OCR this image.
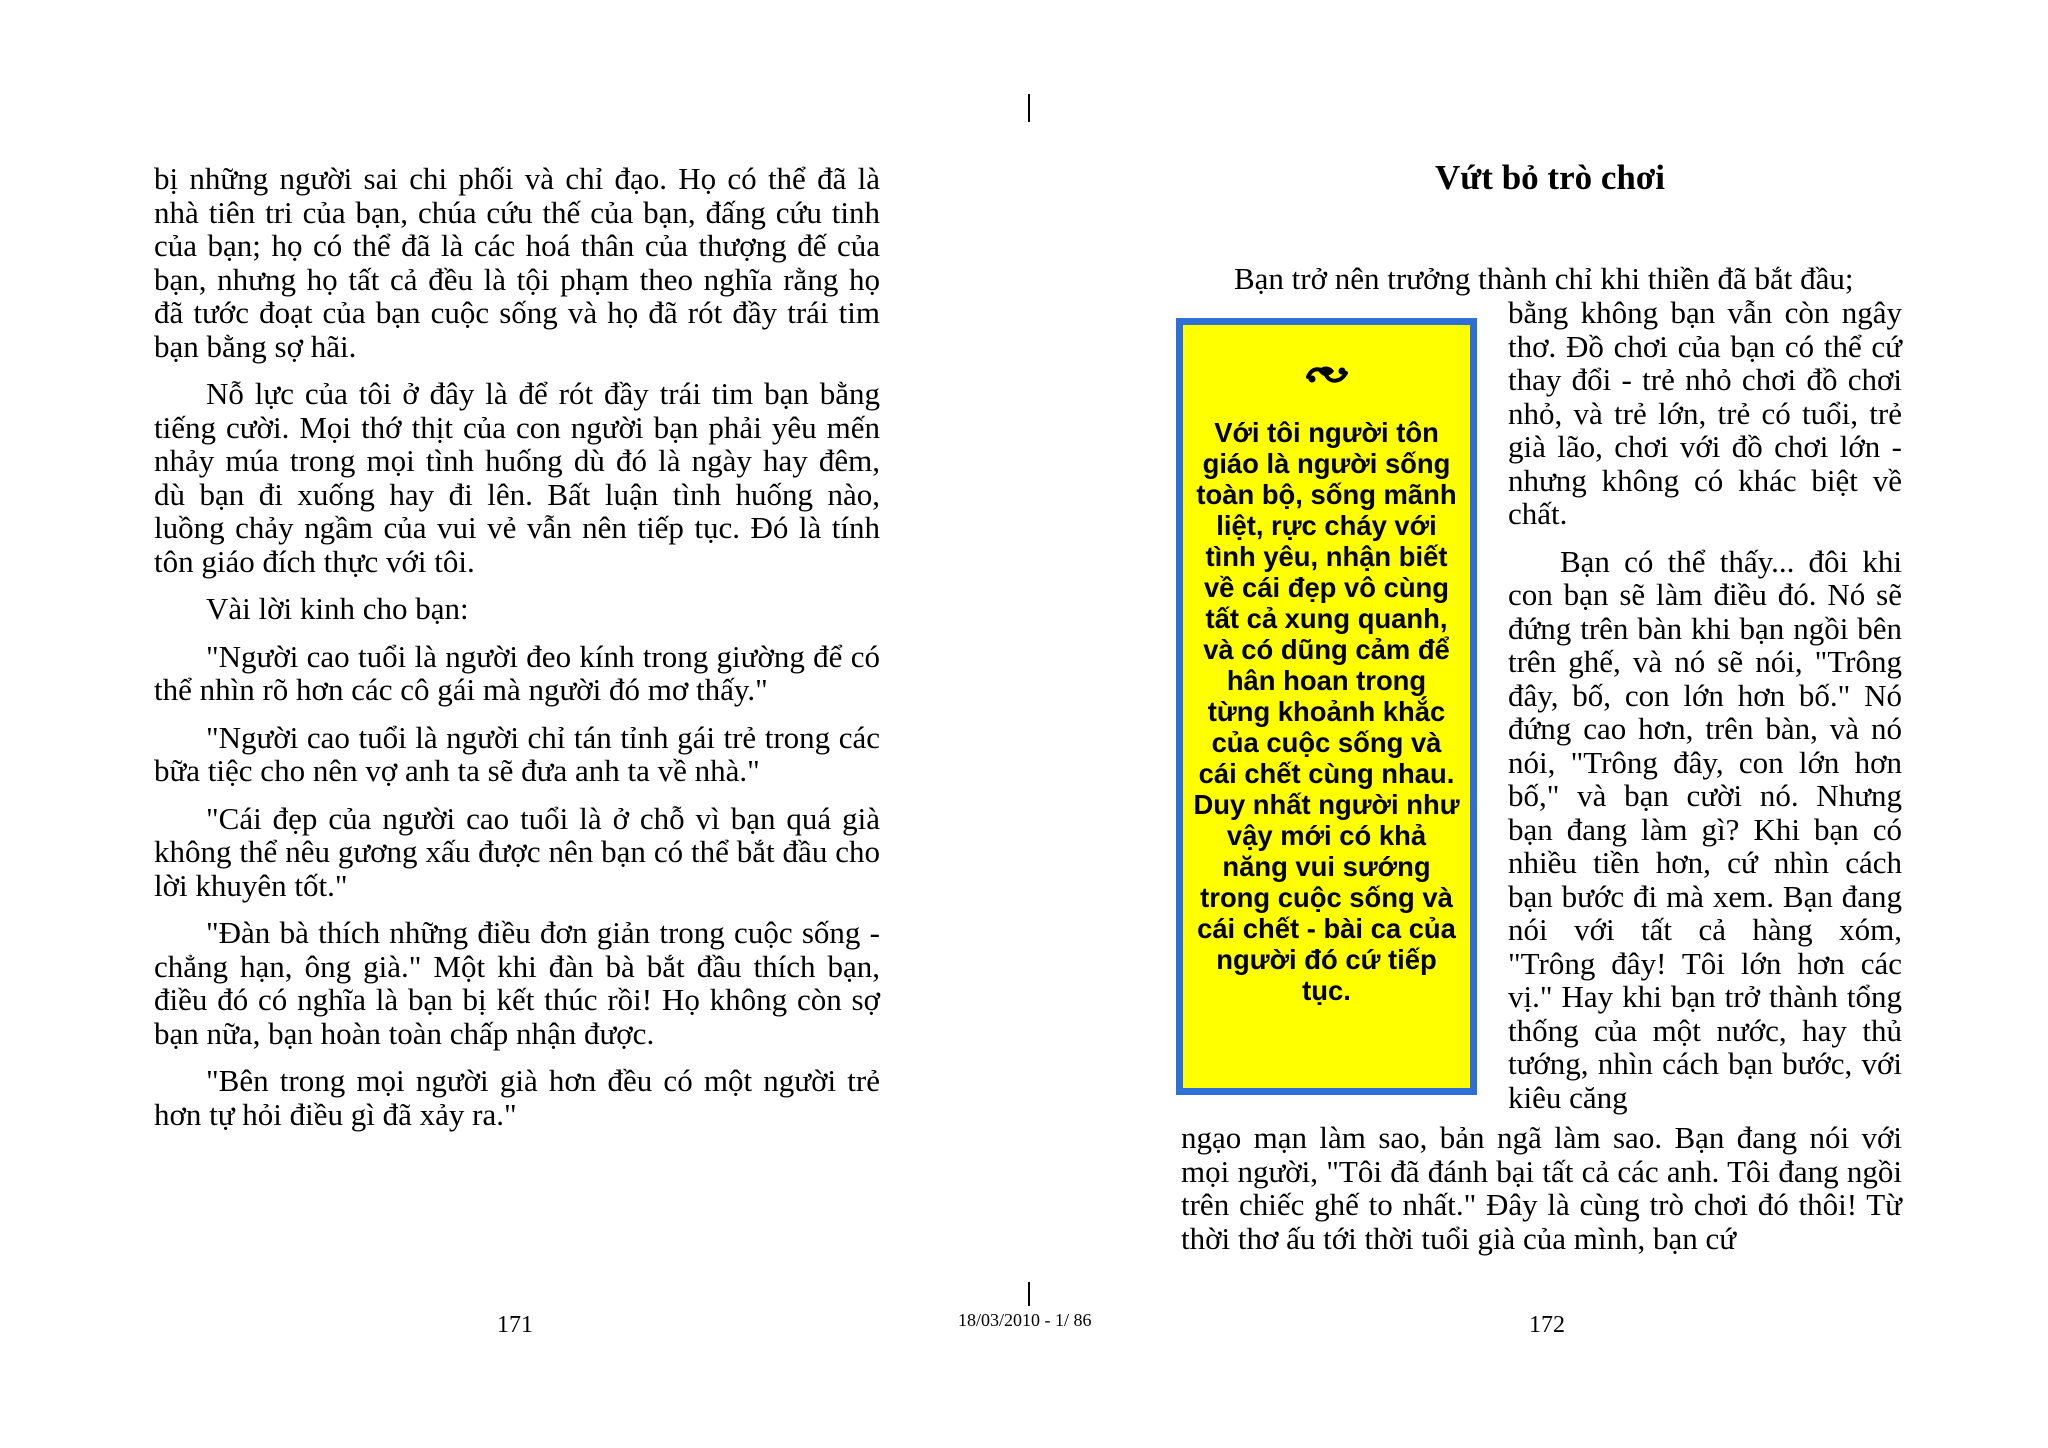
bị những người sai chi phối và chỉ đạo. Họ có thể đã là nhà tiên tri của bạn, chúa cứu thế của bạn, đấng cứu tinh của bạn; họ có thể đã là các hoá thân của thượng đế của bạn, nhưng họ tất cả đều là tội phạm theo nghĩa rằng họ đã tước đoạt của bạn cuộc sống và họ đã rót đầy trái tim bạn bằng sợ hãi.

Nỗ lực của tôi ở đây là để rót đầy trái tim bạn bằng tiếng cười. Mọi thớ thịt của con người bạn phải yêu mến nhảy múa trong mọi tình huống dù đó là ngày hay đêm, dù bạn đi xuống hay đi lên. Bất luận tình huống nào, luồng chảy ngầm của vui vẻ vẫn nên tiếp tục. Đó là tính tôn giáo đích thực với tôi.

Vài lời kinh cho bạn:

"Người cao tuổi là người đeo kính trong giường để có thể nhìn rõ hơn các cô gái mà người đó mơ thấy."

"Người cao tuổi là người chỉ tán tỉnh gái trẻ trong các bữa tiệc cho nên vợ anh ta sẽ đưa anh ta về nhà."

"Cái đẹp của người cao tuổi là ở chỗ vì bạn quá già không thể nêu gương xấu được nên bạn có thể bắt đầu cho lời khuyên tốt."

"Đàn bà thích những điều đơn giản trong cuộc sống - chẳng hạn, ông già." Một khi đàn bà bắt đầu thích bạn, điều đó có nghĩa là bạn bị kết thúc rồi! Họ không còn sợ bạn nữa, bạn hoàn toàn chấp nhận được.

"Bên trong mọi người già hơn đều có một người trẻ hơn tự hỏi điều gì đã xảy ra."

171

Vứt bỏ trò chơi

Bạn trở nên trưởng thành chỉ khi thiền đã bắt đầu;

Với tôi người tôn giáo là người sống toàn bộ, sống mãnh liệt, rực cháy với tình yêu, nhận biết về cái đẹp vô cùng tất cả xung quanh, và có dũng cảm để hân hoan trong từng khoảnh khắc của cuộc sống và cái chết cùng nhau. Duy nhất người như vậy mới có khả năng vui sướng trong cuộc sống và cái chết - bài ca của người đó cứ tiếp tục.

bằng không bạn vẫn còn ngây thơ. Đồ chơi của bạn có thể cứ thay đổi - trẻ nhỏ chơi đồ chơi nhỏ, và trẻ lớn, trẻ có tuổi, trẻ già lão, chơi với đồ chơi lớn - nhưng không có khác biệt về chất.

Bạn có thể thấy... đôi khi con bạn sẽ làm điều đó. Nó sẽ đứng trên bàn khi bạn ngồi bên trên ghế, và nó sẽ nói, "Trông đây, bố, con lớn hơn bố." Nó đứng cao hơn, trên bàn, và nó nói, "Trông đây, con lớn hơn bố," và bạn cười nó. Nhưng bạn đang làm gì? Khi bạn có nhiều tiền hơn, cứ nhìn cách bạn bước đi mà xem. Bạn đang nói với tất cả hàng xóm, "Trông đây! Tôi lớn hơn các vị." Hay khi bạn trở thành tổng thống của một nước, hay thủ tướng, nhìn cách bạn bước, với kiêu căng

ngạo mạn làm sao, bản ngã làm sao. Bạn đang nói với mọi người, "Tôi đã đánh bại tất cả các anh. Tôi đang ngồi trên chiếc ghế to nhất." Đây là cùng trò chơi đó thôi! Từ thời thơ ấu tới thời tuổi già của mình, bạn cứ

172

18/03/2010 - 1/ 86
